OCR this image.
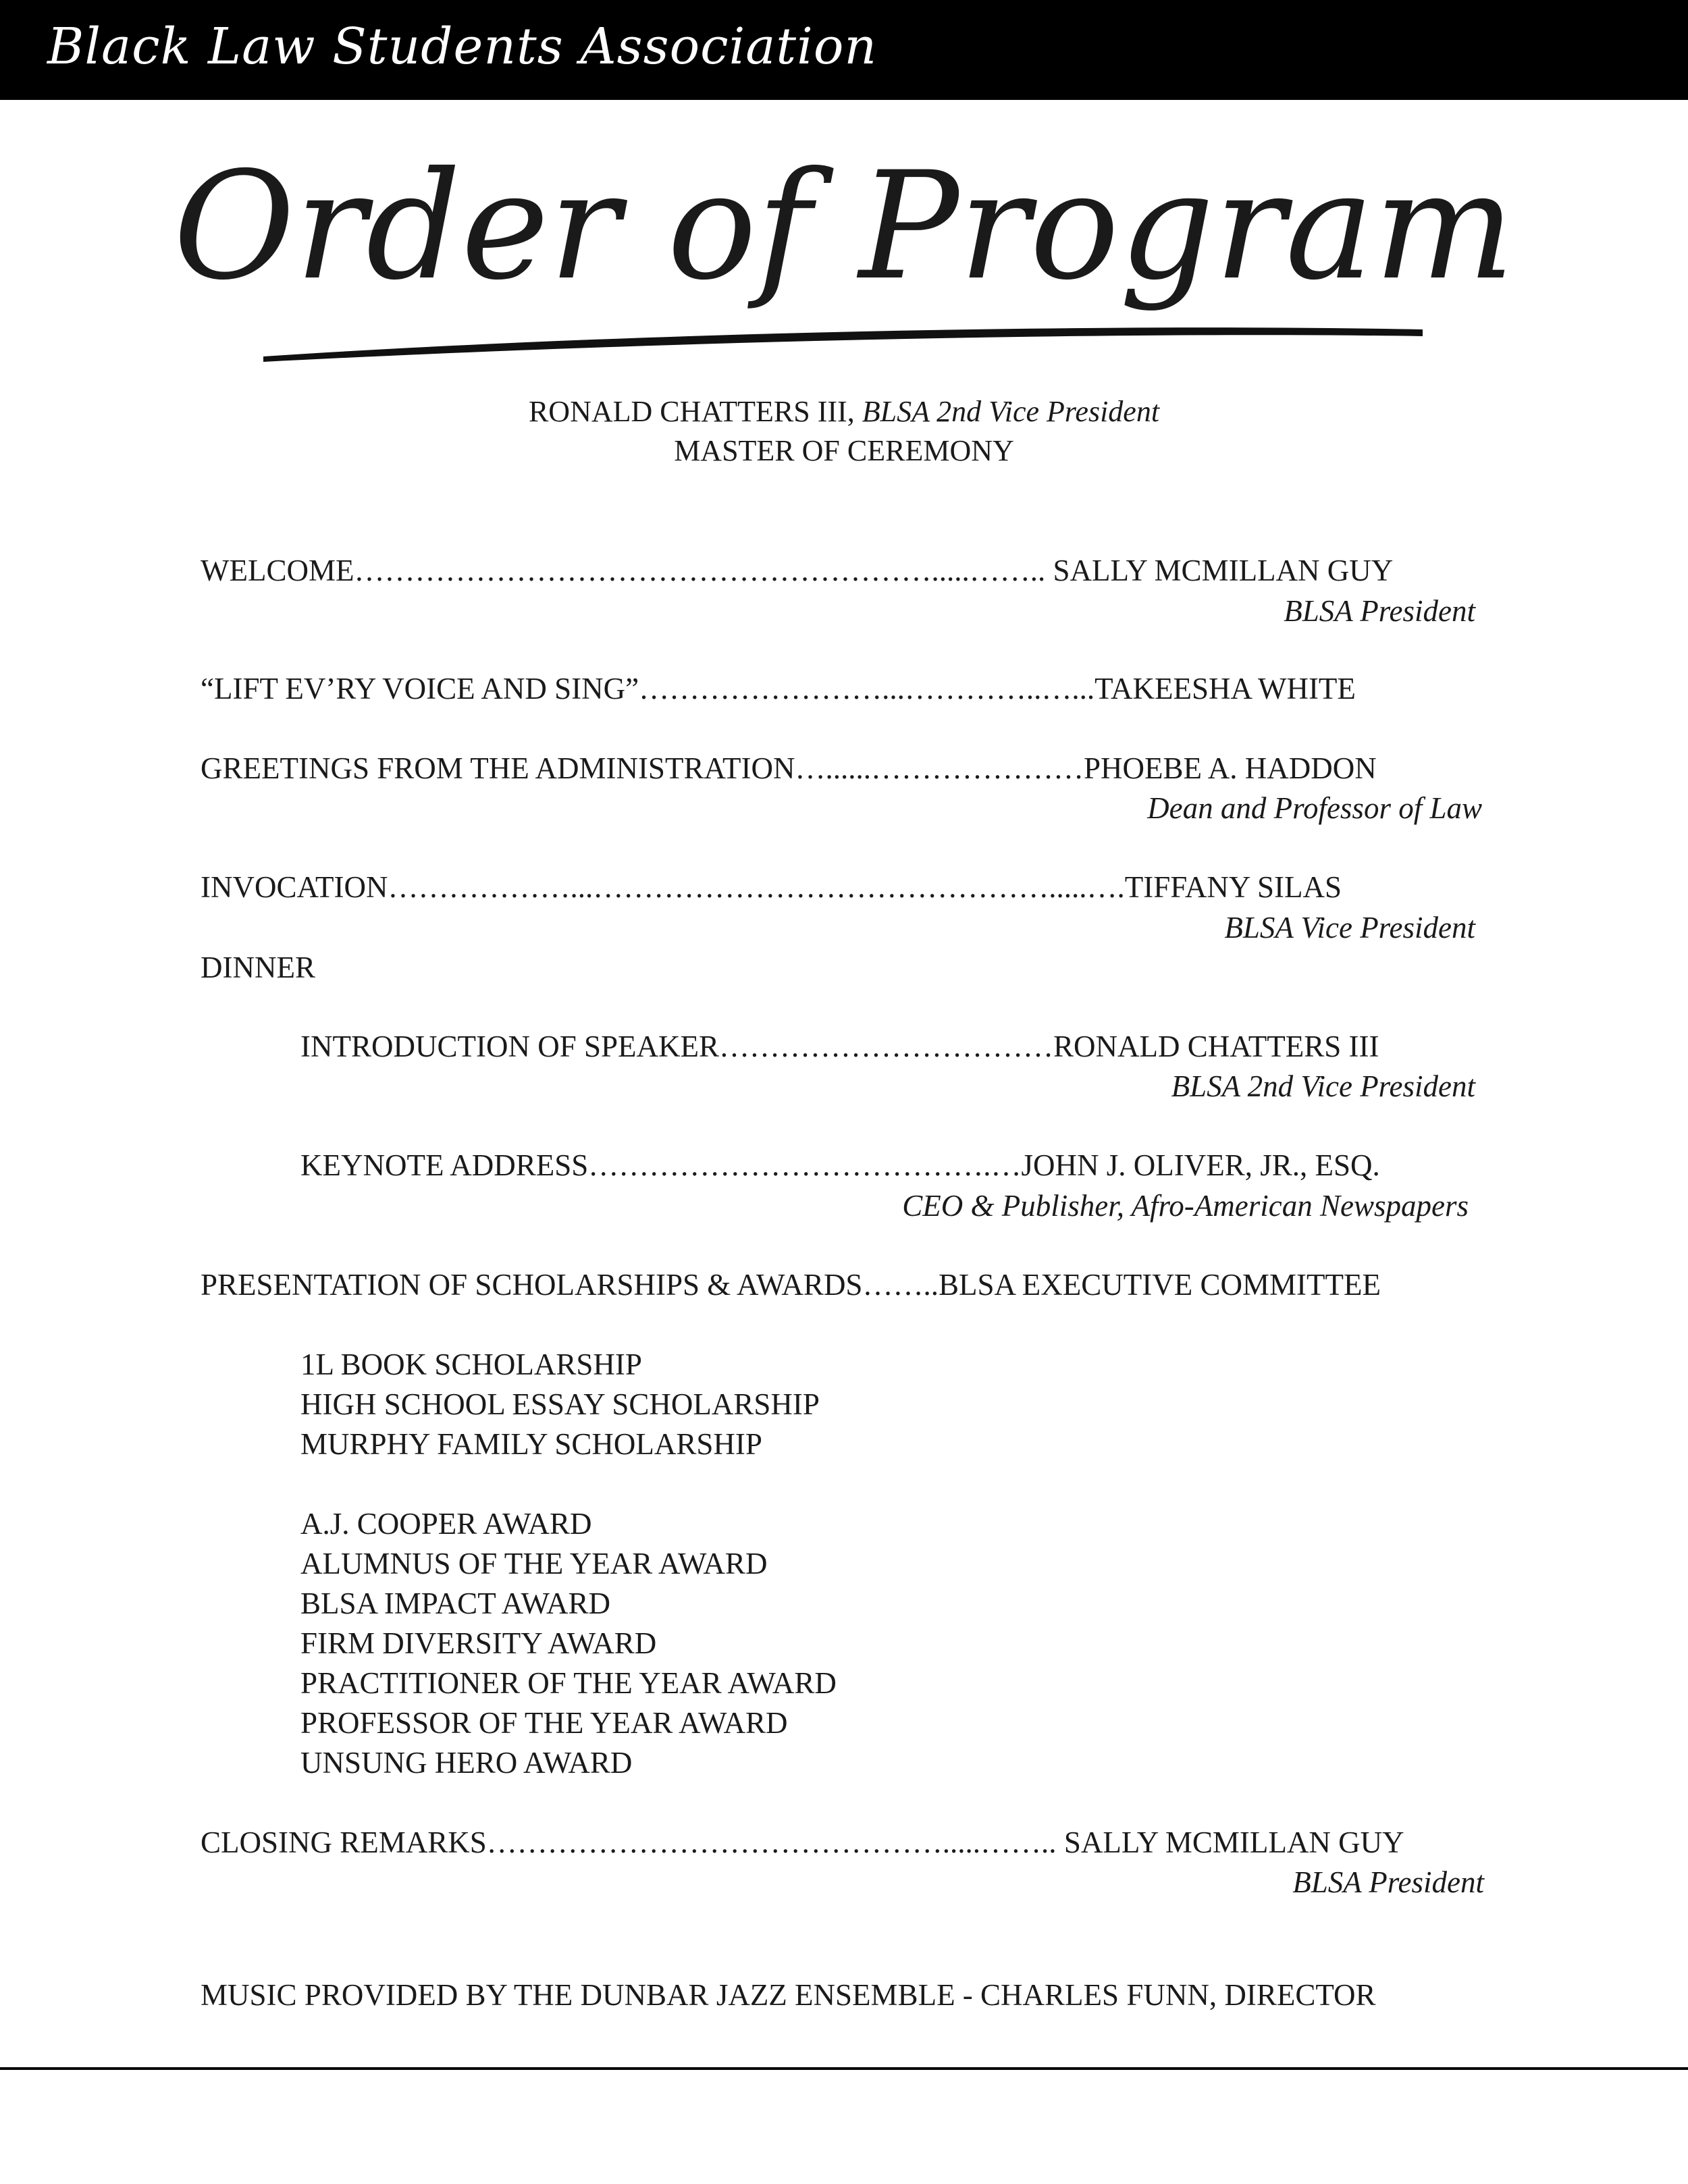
Black Law Students Association
Order of Program
RONALD CHATTERS III, BLSA 2nd Vice President
MASTER OF CEREMONY
WELCOME………………………………………………….....…….. SALLY MCMILLAN GUY
BLSA President
“LIFT EV’RY VOICE AND SING”……………………...…………..…...TAKEESHA WHITE
GREETINGS FROM THE ADMINISTRATION…......…………………PHOEBE A. HADDON
Dean and Professor of Law
INVOCATION………………...……………………………………….....….TIFFANY SILAS
BLSA Vice President
DINNER
INTRODUCTION OF SPEAKER……………………………RONALD CHATTERS III
BLSA 2nd Vice President
KEYNOTE ADDRESS………………………………….…JOHN J. OLIVER, JR., ESQ.
CEO & Publisher, Afro-American Newspapers
PRESENTATION OF SCHOLARSHIPS & AWARDS……..BLSA EXECUTIVE COMMITTEE
1L BOOK SCHOLARSHIP
HIGH SCHOOL ESSAY SCHOLARSHIP
MURPHY FAMILY SCHOLARSHIP
A.J. COOPER AWARD
ALUMNUS OF THE YEAR AWARD
BLSA IMPACT AWARD
FIRM DIVERSITY AWARD
PRACTITIONER OF THE YEAR AWARD
PROFESSOR OF THE YEAR AWARD
UNSUNG HERO AWARD
CLOSING REMARKS……………………………………….....…….. SALLY MCMILLAN GUY
BLSA President
MUSIC PROVIDED BY THE DUNBAR JAZZ ENSEMBLE - CHARLES FUNN, DIRECTOR
